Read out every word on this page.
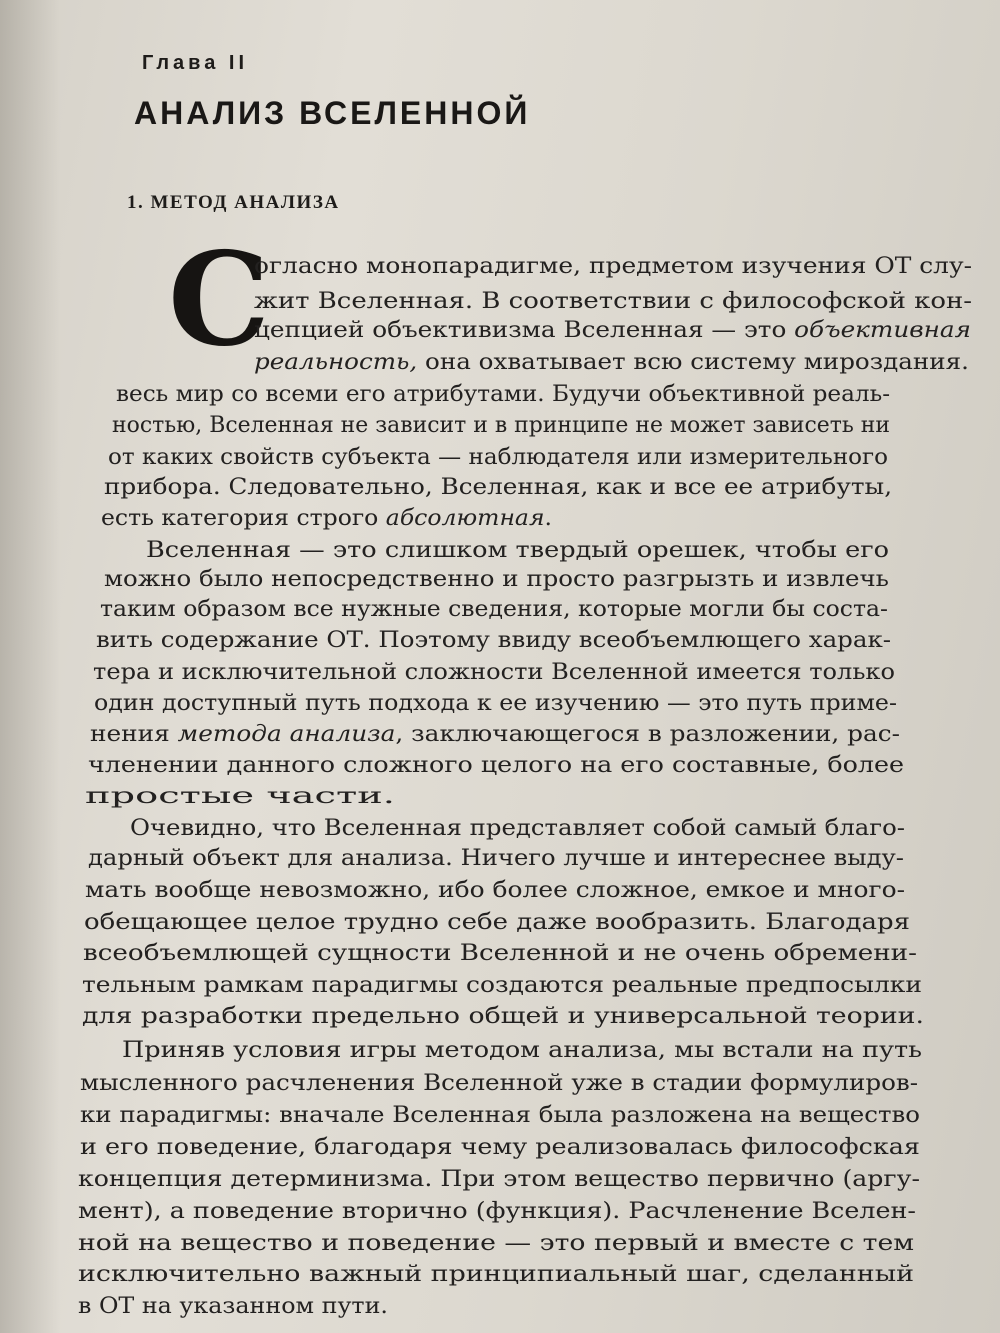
Глава II
АНАЛИЗ ВСЕЛЕННОЙ
1. МЕТОД АНАЛИЗА
С
огласно монопарадигме, предметом изучения ОТ слу-
жит Вселенная. В соответствии с философской кон-
цепцией объективизма Вселенная — это объективная
реальность, она охватывает всю систему мироздания.
весь мир со всеми его атрибутами. Будучи объективной реаль-
ностью, Вселенная не зависит и в принципе не может зависеть ни
от каких свойств субъекта — наблюдателя или измерительного
прибора. Следовательно, Вселенная, как и все ее атрибуты,
есть категория строго абсолютная.
Вселенная — это слишком твердый орешек, чтобы его
можно было непосредственно и просто разгрызть и извлечь
таким образом все нужные сведения, которые могли бы соста-
вить содержание ОТ. Поэтому ввиду всеобъемлющего харак-
тера и исключительной сложности Вселенной имеется только
один доступный путь подхода к ее изучению — это путь приме-
нения метода анализа, заключающегося в разложении, рас-
членении данного сложного целого на его составные, более
простые части.
Очевидно, что Вселенная представляет собой самый благо-
дарный объект для анализа. Ничего лучше и интереснее выду-
мать вообще невозможно, ибо более сложное, емкое и много-
обещающее целое трудно себе даже вообразить. Благодаря
всеобъемлющей сущности Вселенной и не очень обремени-
тельным рамкам парадигмы создаются реальные предпосылки
для разработки предельно общей и универсальной теории.
Приняв условия игры методом анализа, мы встали на путь
мысленного расчленения Вселенной уже в стадии формулиров-
ки парадигмы: вначале Вселенная была разложена на вещество
и его поведение, благодаря чему реализовалась философская
концепция детерминизма. При этом вещество первично (аргу-
мент), а поведение вторично (функция). Расчленение Вселен-
ной на вещество и поведение — это первый и вместе с тем
исключительно важный принципиальный шаг, сделанный
в ОТ на указанном пути.
